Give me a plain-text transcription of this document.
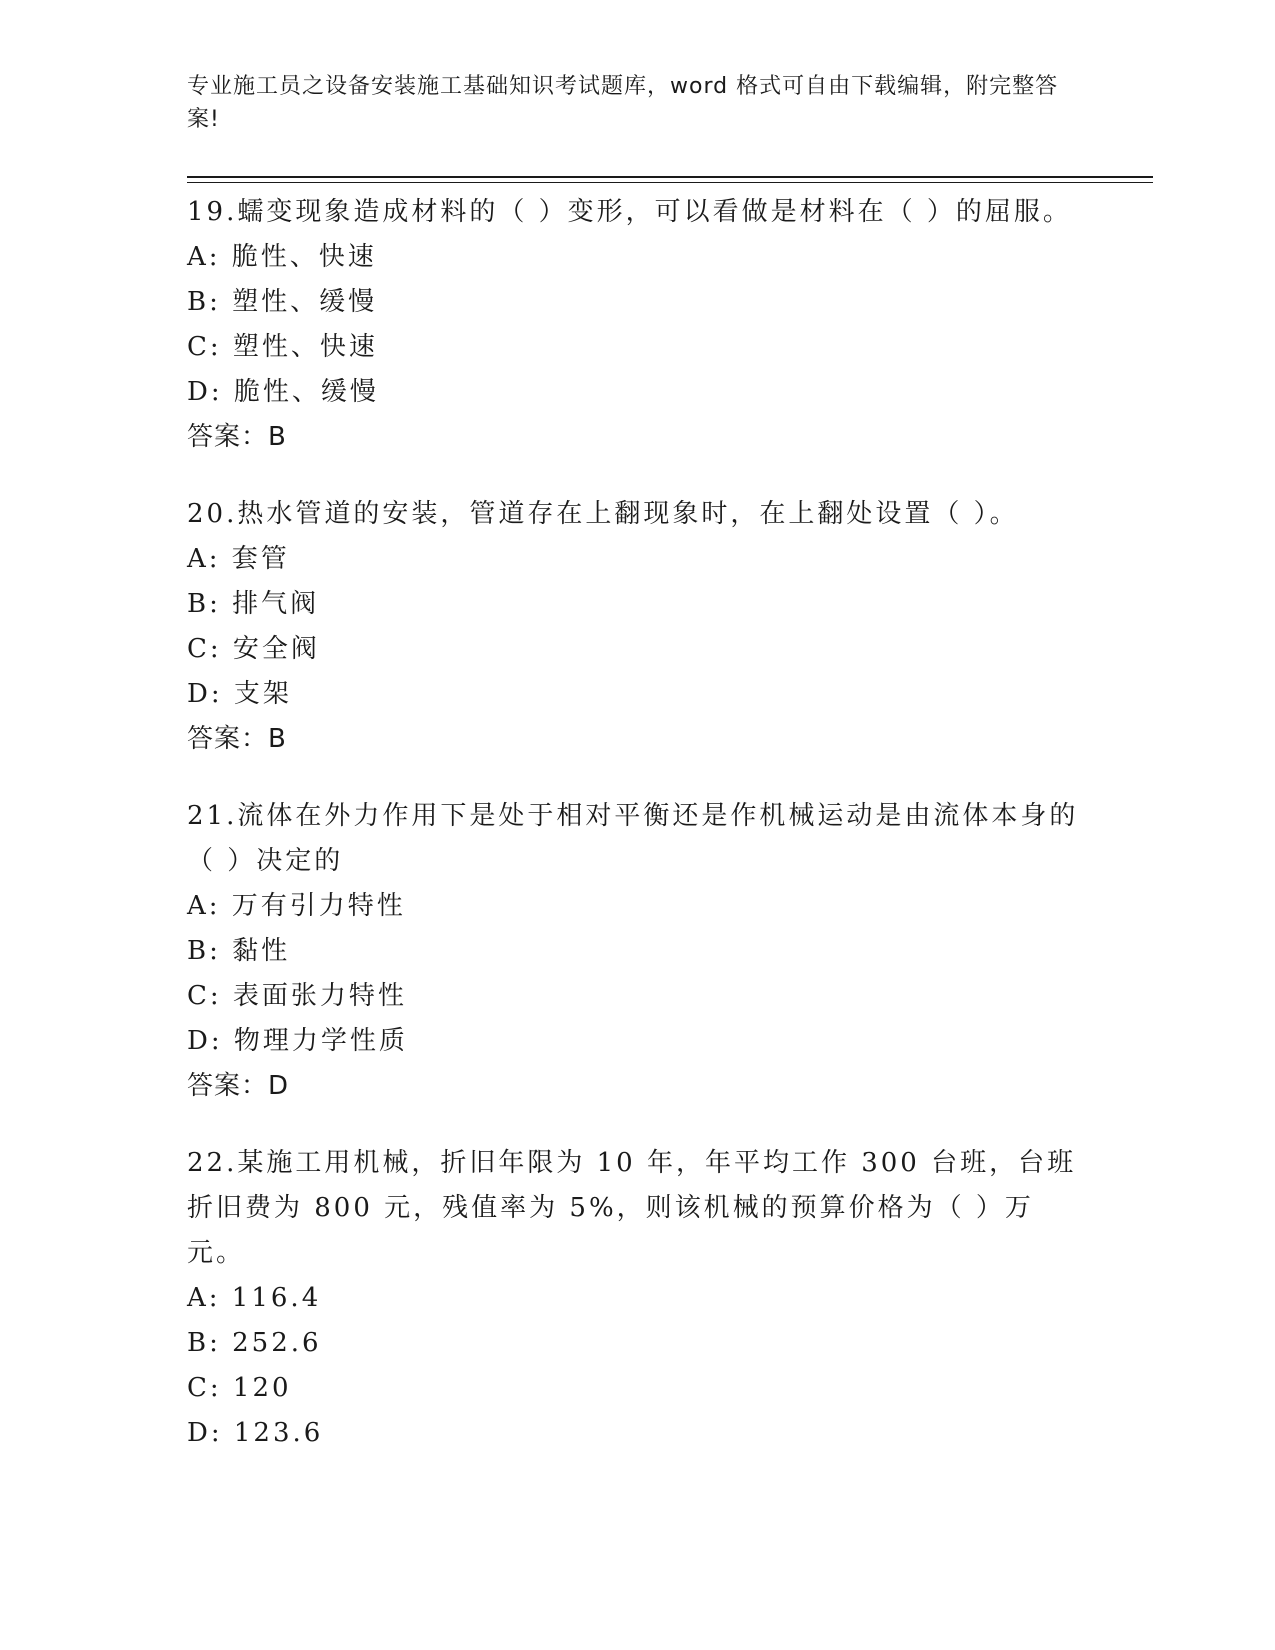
专业施工员之设备安装施工基础知识考试题库，word 格式可自由下载编辑，附完整答案!

19.蠕变现象造成材料的（ ）变形，可以看做是材料在（ ）的屈服。

A: 脆性、快速

B: 塑性、缓慢

C: 塑性、快速

D: 脆性、缓慢

答案：B

20.热水管道的安装，管道存在上翻现象时，在上翻处设置（ ）。

A: 套管

B: 排气阀

C: 安全阀

D: 支架

答案：B

21.流体在外力作用下是处于相对平衡还是作机械运动是由流体本身的（ ）决定的

A: 万有引力特性

B: 黏性

C: 表面张力特性

D: 物理力学性质

答案：D

22.某施工用机械，折旧年限为 10 年，年平均工作 300 台班，台班折旧费为 800 元，残值率为 5%，则该机械的预算价格为（ ）万元。

A: 116.4

B: 252.6

C: 120

D: 123.6
